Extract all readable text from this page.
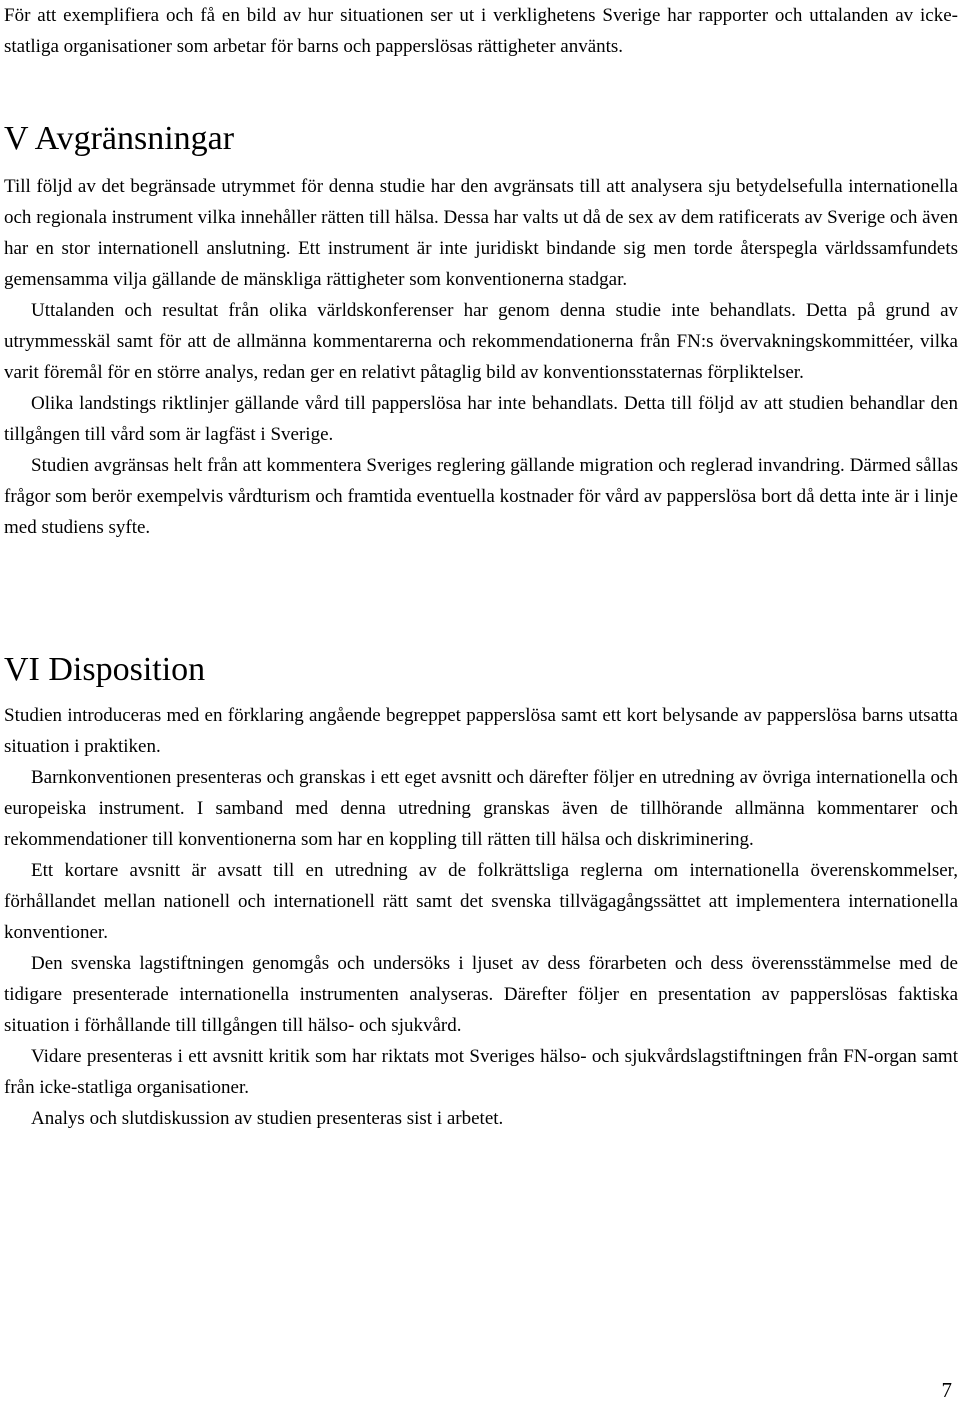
För att exemplifiera och få en bild av hur situationen ser ut i verklighetens Sverige har rapporter och uttalanden av icke-statliga organisationer som arbetar för barns och papperslösas rättigheter använts.

V Avgränsningar

Till följd av det begränsade utrymmet för denna studie har den avgränsats till att analysera sju betydelsefulla internationella och regionala instrument vilka innehåller rätten till hälsa. Dessa har valts ut då de sex av dem ratificerats av Sverige och även har en stor internationell anslutning. Ett instrument är inte juridiskt bindande sig men torde återspegla världssamfundets gemensamma vilja gällande de mänskliga rättigheter som konventionerna stadgar.

Uttalanden och resultat från olika världskonferenser har genom denna studie inte behandlats. Detta på grund av utrymmesskäl samt för att de allmänna kommentarerna och rekommendationerna från FN:s övervakningskommittéer, vilka varit föremål för en större analys, redan ger en relativt påtaglig bild av konventionsstaternas förpliktelser.

Olika landstings riktlinjer gällande vård till papperslösa har inte behandlats. Detta till följd av att studien behandlar den tillgången till vård som är lagfäst i Sverige.

Studien avgränsas helt från att kommentera Sveriges reglering gällande migration och reglerad invandring. Därmed sållas frågor som berör exempelvis vårdturism och framtida eventuella kostnader för vård av papperslösa bort då detta inte är i linje med studiens syfte.

VI Disposition

Studien introduceras med en förklaring angående begreppet papperslösa samt ett kort belysande av papperslösa barns utsatta situation i praktiken.

Barnkonventionen presenteras och granskas i ett eget avsnitt och därefter följer en utredning av övriga internationella och europeiska instrument. I samband med denna utredning granskas även de tillhörande allmänna kommentarer och rekommendationer till konventionerna som har en koppling till rätten till hälsa och diskriminering.

Ett kortare avsnitt är avsatt till en utredning av de folkrättsliga reglerna om internationella överenskommelser, förhållandet mellan nationell och internationell rätt samt det svenska tillvägagångssättet att implementera internationella konventioner.

Den svenska lagstiftningen genomgås och undersöks i ljuset av dess förarbeten och dess överensstämmelse med de tidigare presenterade internationella instrumenten analyseras. Därefter följer en presentation av papperslösas faktiska situation i förhållande till tillgången till hälso- och sjukvård.

Vidare presenteras i ett avsnitt kritik som har riktats mot Sveriges hälso- och sjukvårdslagstiftningen från FN-organ samt från icke-statliga organisationer.

Analys och slutdiskussion av studien presenteras sist i arbetet.

7
